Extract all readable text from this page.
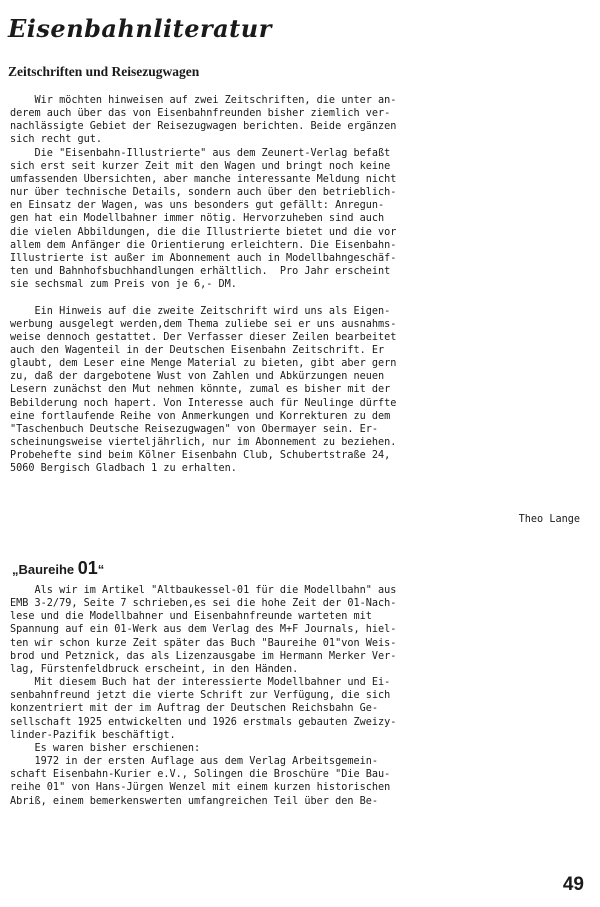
Eisenbahnliteratur
Zeitschriften und Reisezugwagen
Wir möchten hinweisen auf zwei Zeitschriften, die unter an-
derem auch über das von Eisenbahnfreunden bisher ziemlich ver-
nachlässigte Gebiet der Reisezugwagen berichten. Beide ergänzen
sich recht gut.
Die "Eisenbahn-Illustrierte" aus dem Zeunert-Verlag befaßt
sich erst seit kurzer Zeit mit den Wagen und bringt noch keine
umfassenden Übersichten, aber manche interessante Meldung nicht
nur über technische Details, sondern auch über den betrieblich-
en Einsatz der Wagen, was uns besonders gut gefällt: Anregun-
gen hat ein Modellbahner immer nötig. Hervorzuheben sind auch
die vielen Abbildungen, die die Illustrierte bietet und die vor
allem dem Anfänger die Orientierung erleichtern. Die Eisenbahn-
Illustrierte ist außer im Abonnement auch in Modellbahngeschäf-
ten und Bahnhofsbuchhandlungen erhältlich.  Pro Jahr erscheint
sie sechsmal zum Preis von je 6,- DM.

Ein Hinweis auf die zweite Zeitschrift wird uns als Eigen-
werbung ausgelegt werden,dem Thema zuliebe sei er uns ausnahms-
weise dennoch gestattet. Der Verfasser dieser Zeilen bearbeitet
auch den Wagenteil in der Deutschen Eisenbahn Zeitschrift. Er
glaubt, dem Leser eine Menge Material zu bieten, gibt aber gern
zu, daß der dargebotene Wust von Zahlen und Abkürzungen neuen
Lesern zunächst den Mut nehmen könnte, zumal es bisher mit der
Bebilderung noch hapert. Von Interesse auch für Neulinge dürfte
eine fortlaufende Reihe von Anmerkungen und Korrekturen zu dem
"Taschenbuch Deutsche Reisezugwagen" von Obermayer sein. Er-
scheinungsweise vierteljährlich, nur im Abonnement zu beziehen.
Probehefte sind beim Kölner Eisenbahn Club, Schubertstraße 24,
5060 Bergisch Gladbach 1 zu erhalten.

Theo Lange

„Baureihe 01“
Als wir im Artikel "Altbaukessel-01 für die Modellbahn" aus
EMB 3-2/79, Seite 7 schrieben,es sei die hohe Zeit der 01-Nach-
lese und die Modellbahner und Eisenbahnfreunde warteten mit
Spannung auf ein 01-Werk aus dem Verlag des M+F Journals, hiel-
ten wir schon kurze Zeit später das Buch "Baureihe 01"von Weis-
brod und Petznick, das als Lizenzausgabe im Hermann Merker Ver-
lag, Fürstenfeldbruck erscheint, in den Händen.
Mit diesem Buch hat der interessierte Modellbahner und Ei-
senbahnfreund jetzt die vierte Schrift zur Verfügung, die sich
konzentriert mit der im Auftrag der Deutschen Reichsbahn Ge-
sellschaft 1925 entwickelten und 1926 erstmals gebauten Zweizy-
linder-Pazifik beschäftigt.
Es waren bisher erschienen:
1972 in der ersten Auflage aus dem Verlag Arbeitsgemein-
schaft Eisenbahn-Kurier e.V., Solingen die Broschüre "Die Bau-
reihe 01" von Hans-Jürgen Wenzel mit einem kurzen historischen
Abriß, einem bemerkenswerten umfangreichen Teil über den Be-

49
